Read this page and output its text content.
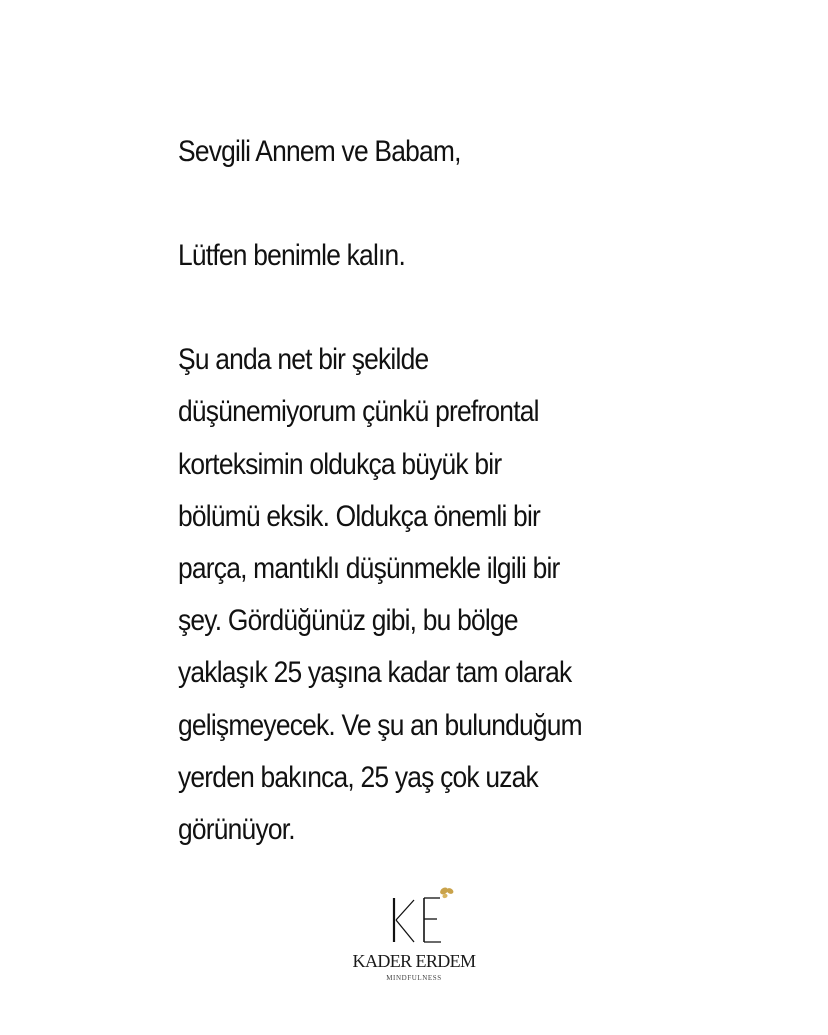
Sevgili Annem ve Babam,

Lütfen benimle kalın.

Şu anda net bir şekilde

düşünemiyorum çünkü prefrontal

korteksimin oldukça büyük bir

bölümü eksik. Oldukça önemli bir

parça, mantıklı düşünmekle ilgili bir

şey. Gördüğünüz gibi, bu bölge

yaklaşık 25 yaşına kadar tam olarak

gelişmeyecek. Ve şu an bulunduğum

yerden bakınca, 25 yaş çok uzak

görünüyor.

KADER ERDEM
MINDFULNESS
